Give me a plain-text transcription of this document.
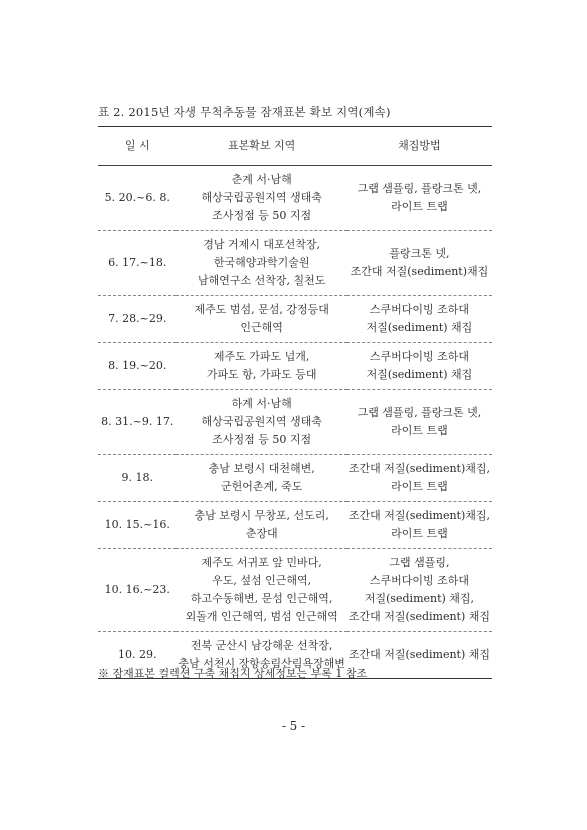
표 2. 2015년 자생 무척추동물 잠재표본 확보 지역(계속)
일 시	표본확보 지역	채집방법
5. 20.~6. 8.	춘계 서·남해
해상국립공원지역 생태축
조사정점 등 50 지점	그랩 샘플링, 플랑크톤 넷,
라이트 트랩

6. 17.~18.	경남 거제시 대포선착장,
한국해양과학기술원
남해연구소 선착장, 칠천도	플랑크톤 넷,
조간대 저질(sediment)채집

7. 28.~29.	제주도 범섬, 문섬, 강정등대
인근해역	스쿠버다이빙 조하대
저질(sediment) 채집

8. 19.~20.	제주도 가파도 넙개,
가파도 항, 가파도 등대	스쿠버다이빙 조하대
저질(sediment) 채집

8. 31.~9. 17.	하계 서·남해
해상국립공원지역 생태축
조사정점 등 50 지점	그랩 샘플링, 플랑크톤 넷,
라이트 트랩

9. 18.	충남 보령시 대천해변,
군헌어촌계, 죽도	조간대 저질(sediment)채집,
라이트 트랩

10. 15.~16.	충남 보령시 무창포, 선도리,
춘장대	조간대 저질(sediment)채집,
라이트 트랩

10. 16.~23.	제주도 서귀포 앞 민바다,
우도, 섶섬 인근해역,
하고수동해변, 문섬 인근해역,
외돌개 인근해역, 범섬 인근해역	그랩 샘플링,
스쿠버다이빙 조하대
저질(sediment) 채집,
조간대 저질(sediment) 채집

10. 29.	전북 군산시 남강해운 선착장,
충남 서천시 장항송림산림욕장해변	조간대 저질(sediment) 채집
※ 잠재표본 컬렉션 구축 채집지 상세정보는 부록 1 참조
- 5 -
